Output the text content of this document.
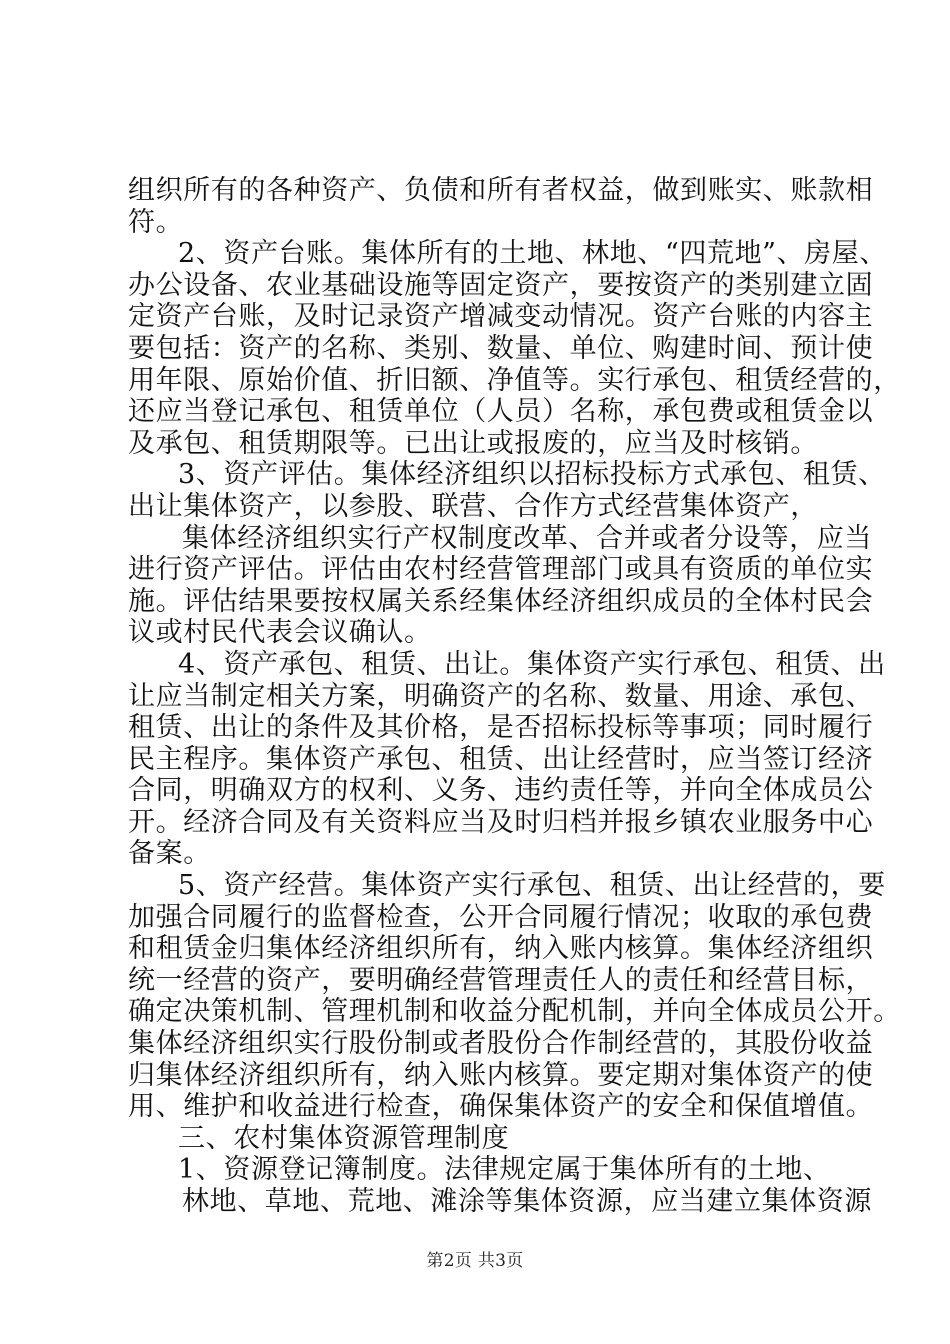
组织所有的各种资产、负债和所有者权益，做到账实、账款相
符。
2、资产台账。集体所有的土地、林地、“四荒地”、房屋、
办公设备、农业基础设施等固定资产，要按资产的类别建立固
定资产台账，及时记录资产增减变动情况。资产台账的内容主
要包括：资产的名称、类别、数量、单位、购建时间、预计使
用年限、原始价值、折旧额、净值等。实行承包、租赁经营的，
还应当登记承包、租赁单位（人员）名称，承包费或租赁金以
及承包、租赁期限等。已出让或报废的，应当及时核销。
3、资产评估。集体经济组织以招标投标方式承包、租赁、
出让集体资产，以参股、联营、合作方式经营集体资产，
集体经济组织实行产权制度改革、合并或者分设等，应当
进行资产评估。评估由农村经营管理部门或具有资质的单位实
施。评估结果要按权属关系经集体经济组织成员的全体村民会
议或村民代表会议确认。
4、资产承包、租赁、出让。集体资产实行承包、租赁、出
让应当制定相关方案，明确资产的名称、数量、用途、承包、
租赁、出让的条件及其价格，是否招标投标等事项；同时履行
民主程序。集体资产承包、租赁、出让经营时，应当签订经济
合同，明确双方的权利、义务、违约责任等，并向全体成员公
开。经济合同及有关资料应当及时归档并报乡镇农业服务中心
备案。
5、资产经营。集体资产实行承包、租赁、出让经营的，要
加强合同履行的监督检查，公开合同履行情况；收取的承包费
和租赁金归集体经济组织所有，纳入账内核算。集体经济组织
统一经营的资产，要明确经营管理责任人的责任和经营目标，
确定决策机制、管理机制和收益分配机制，并向全体成员公开。
集体经济组织实行股份制或者股份合作制经营的，其股份收益
归集体经济组织所有，纳入账内核算。要定期对集体资产的使
用、维护和收益进行检查，确保集体资产的安全和保值增值。
三、农村集体资源管理制度
1、资源登记簿制度。法律规定属于集体所有的土地、
林地、草地、荒地、滩涂等集体资源，应当建立集体资源
第2页 共3页
